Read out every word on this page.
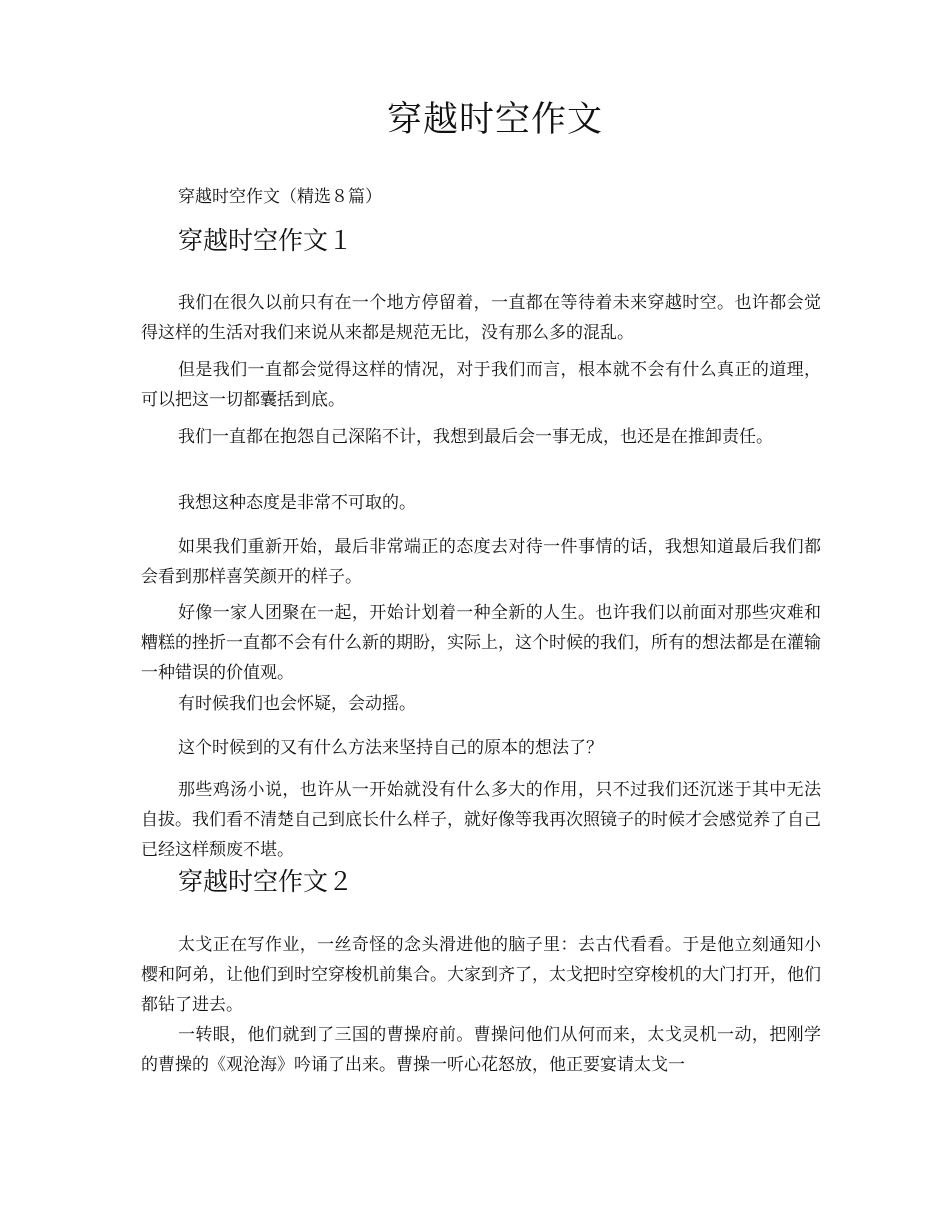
穿越时空作文

穿越时空作文（精选８篇）

穿越时空作文１

我们在很久以前只有在一个地方停留着，一直都在等待着未来穿越时空。也许都会觉得这样的生活对我们来说从来都是规范无比，没有那么多的混乱。

但是我们一直都会觉得这样的情况，对于我们而言，根本就不会有什么真正的道理，可以把这一切都囊括到底。

我们一直都在抱怨自己深陷不计，我想到最后会一事无成，也还是在推卸责任。

我想这种态度是非常不可取的。

如果我们重新开始，最后非常端正的态度去对待一件事情的话，我想知道最后我们都会看到那样喜笑颜开的样子。

好像一家人团聚在一起，开始计划着一种全新的人生。也许我们以前面对那些灾难和糟糕的挫折一直都不会有什么新的期盼，实际上，这个时候的我们，所有的想法都是在灌输一种错误的价值观。

有时候我们也会怀疑，会动摇。

这个时候到的又有什么方法来坚持自己的原本的想法了？

那些鸡汤小说，也许从一开始就没有什么多大的作用，只不过我们还沉迷于其中无法自拔。我们看不清楚自己到底长什么样子，就好像等我再次照镜子的时候才会感觉养了自己已经这样颓废不堪。

穿越时空作文２

太戈正在写作业，一丝奇怪的念头滑进他的脑子里：去古代看看。于是他立刻通知小樱和阿弟，让他们到时空穿梭机前集合。大家到齐了，太戈把时空穿梭机的大门打开，他们都钻了进去。

一转眼，他们就到了三国的曹操府前。曹操问他们从何而来，太戈灵机一动，把刚学的曹操的《观沧海》吟诵了出来。曹操一听心花怒放，他正要宴请太戈一
